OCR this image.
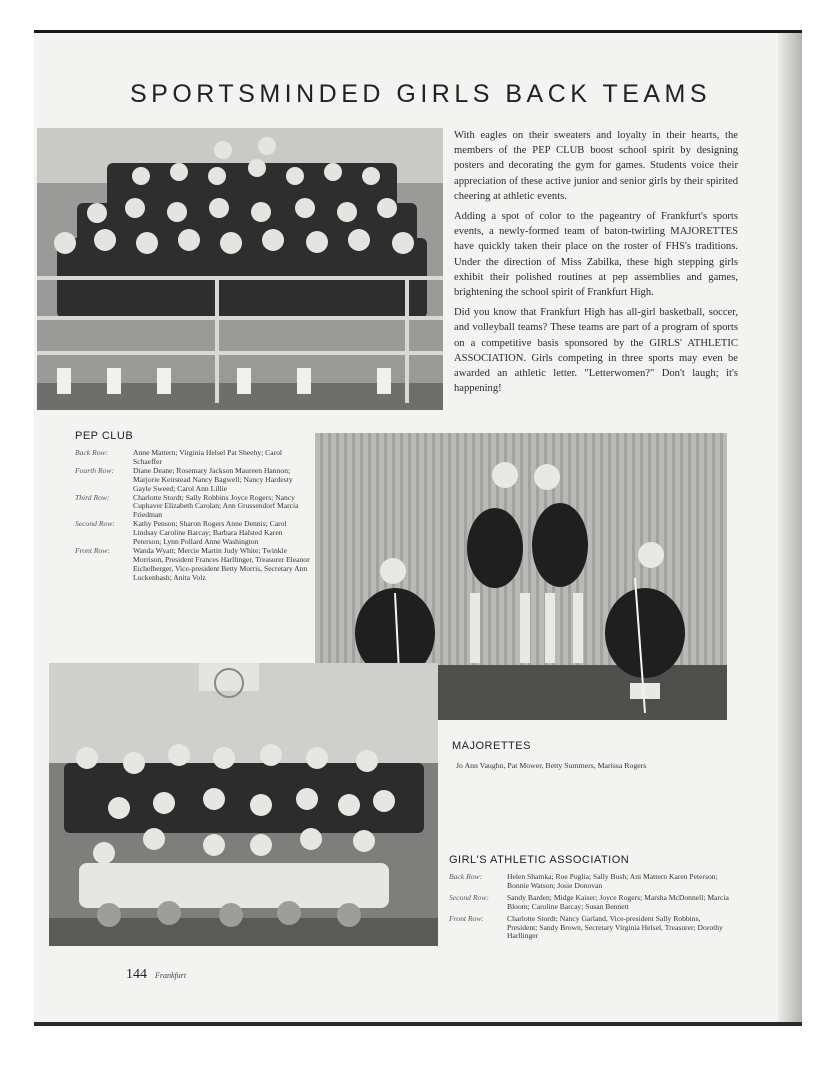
SPORTSMINDED GIRLS BACK TEAMS

With eagles on their sweaters and loyalty in their hearts, the members of the PEP CLUB boost school spirit by designing posters and decorating the gym for games. Students voice their appreciation of these active junior and senior girls by their spirited cheering at athletic events.

Adding a spot of color to the pageantry of Frankfurt's sports events, a newly-formed team of baton-twirling MAJORETTES have quickly taken their place on the roster of FHS's traditions. Under the direction of Miss Zabilka, these high stepping girls exhibit their polished routines at pep assemblies and games, brightening the school spirit of Frankfurt High.

Did you know that Frankfurt High has all-girl basketball, soccer, and volleyball teams? These teams are part of a program of sports on a competitive basis sponsored by the GIRLS' ATHLETIC ASSOCIATION. Girls competing in three sports may even be awarded an athletic letter. "Letterwomen?" Don't laugh; it's happening!

PEP CLUB
Back Row:	Anne Mattern; Virginia Helsel Pat Sheehy; Carol Schaeffer
Fourth Row:	Diane Deane; Rosemary Jackson Maureen Hannon; Marjorie Keirstead Nancy Bagwell; Nancy Hardesty Gayle Sweed; Carol Ann Lillie
Third Row:	Charlotte Stordt; Sally Robbins Joyce Rogers; Nancy Cuphaver Elizabeth Carolan; Ann Grussendorf Marcia Friedman
Second Row:	Kathy Penson; Sharon Rogers Anne Dennis; Carol Lindsay Caroline Barcay; Barbara Halsted Karen Peterson; Lynn Pollard Anne Washington
Front Row:	Wanda Wyatt; Mercie Martin Judy White; Twinkle Morrison, President Frances Harllinger, Treasurer Eleanor Eichelberger, Vice-president Betty Morris, Secretary Ann Luckenbash; Anita Volz
MAJORETTES
Jo Ann Vaughn, Pat Mower, Betty Summers, Marissa Rogers
GIRL'S ATHLETIC ASSOCIATION
Back Row:	Helen Shamka; Roe Puglia; Sally Bush; Ani Mattern Karen Peterson; Bonnie Watson; Josie Donovan
Second Row:	Sandy Barden; Midge Kaiser; Joyce Rogers; Marsha McDonnell; Marcia Bloom; Caroline Barcay; Susan Bennett
Front Row:	Charlotte Stordt; Nancy Garland, Vice-president Sally Robbins, President; Sandy Brown, Secretary Virginia Helsel, Treasurer; Dorothy Harllinger
144 Frankfurt
